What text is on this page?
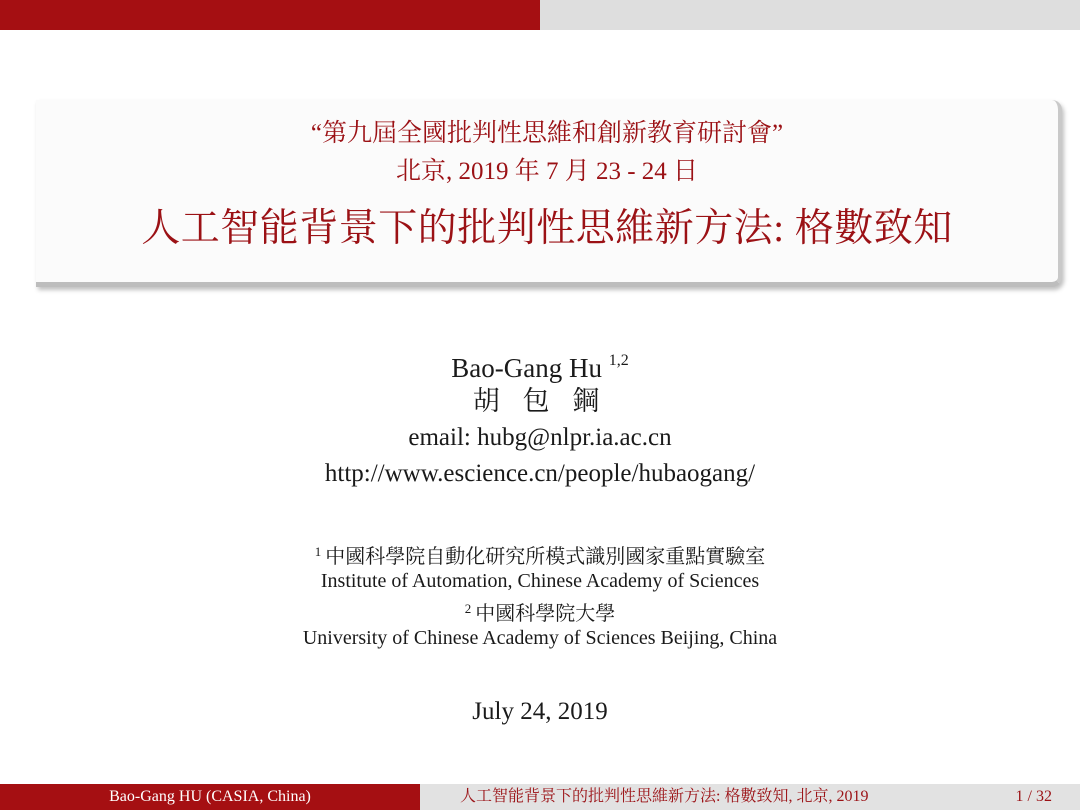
“第九屆全國批判性思維和創新教育研討會”
北京, 2019 年 7 月 23 - 24 日
人工智能背景下的批判性思維新方法: 格數致知
Bao-Gang Hu $^{1,2}$
胡 包 鋼
email: hubg@nlpr.ia.ac.cn
http://www.escience.cn/people/hubaogang/
$^1$ 中國科學院自動化研究所模式識別國家重點實驗室
Institute of Automation, Chinese Academy of Sciences
$^2$ 中國科學院大學
University of Chinese Academy of Sciences Beijing, China
July 24, 2019
Bao-Gang HU (CASIA, China)	人工智能背景下的批判性思維新方法: 格數致知, 北京, 2019	1 / 32
